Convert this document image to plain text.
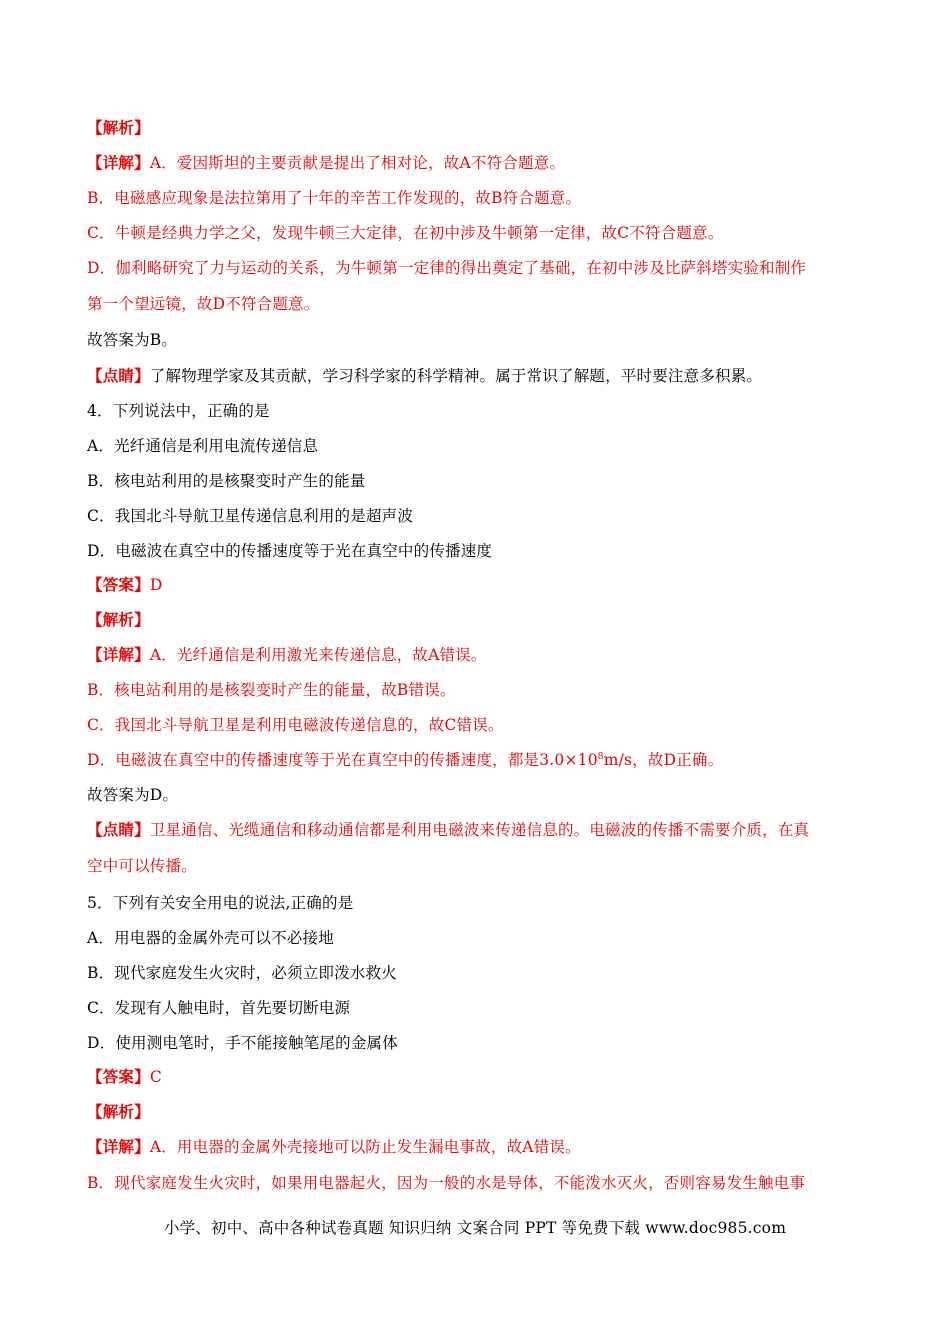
【解析】
【详解】A．爱因斯坦的主要贡献是提出了相对论，故A不符合题意。
B．电磁感应现象是法拉第用了十年的辛苦工作发现的，故B符合题意。
C．牛顿是经典力学之父，发现牛顿三大定律，在初中涉及牛顿第一定律，故C不符合题意。
D．伽利略研究了力与运动的关系，为牛顿第一定律的得出奠定了基础，在初中涉及比萨斜塔实验和制作
第一个望远镜，故D不符合题意。
故答案为B。
【点睛】了解物理学家及其贡献，学习科学家的科学精神。属于常识了解题，平时要注意多积累。
4．下列说法中，正确的是
A．光纤通信是利用电流传递信息
B．核电站利用的是核聚变时产生的能量
C．我国北斗导航卫星传递信息利用的是超声波
D．电磁波在真空中的传播速度等于光在真空中的传播速度
【答案】D
【解析】
【详解】A．光纤通信是利用激光来传递信息，故A错误。
B．核电站利用的是核裂变时产生的能量，故B错误。
C．我国北斗导航卫星是利用电磁波传递信息的，故C错误。
D．电磁波在真空中的传播速度等于光在真空中的传播速度，都是$3.0\times 10^8m/s$，故D正确。
故答案为D。
【点睛】卫星通信、光缆通信和移动通信都是利用电磁波来传递信息的。电磁波的传播不需要介质，在真
空中可以传播。
5．下列有关安全用电的说法,正确的是
A．用电器的金属外壳可以不必接地
B．现代家庭发生火灾时，必须立即泼水救火
C．发现有人触电时，首先要切断电源
D．使用测电笔时，手不能接触笔尾的金属体
【答案】C
【解析】
【详解】A．用电器的金属外壳接地可以防止发生漏电事故，故A错误。
B．现代家庭发生火灾时，如果用电器起火，因为一般的水是导体，不能泼水灭火，否则容易发生触电事
小学、初中、高中各种试卷真题 知识归纳 文案合同 PPT 等免费下载 www.doc985.com
